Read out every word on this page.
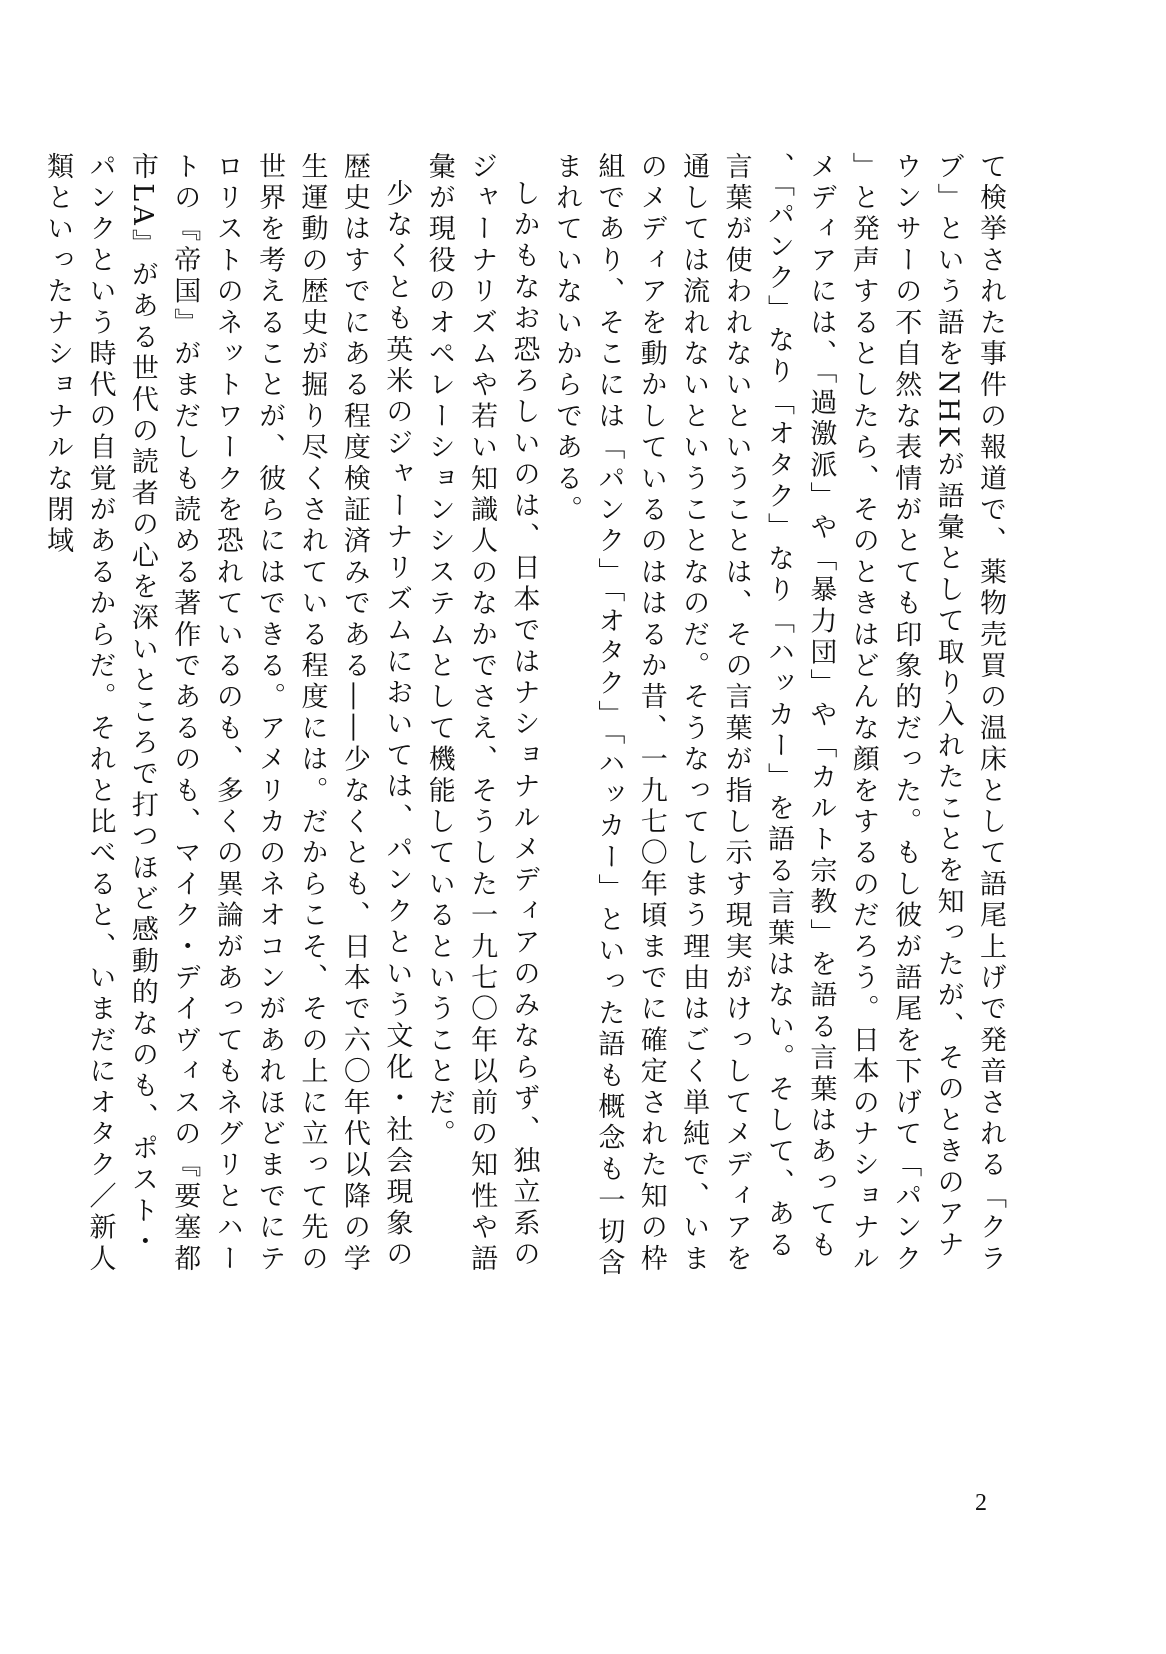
て検挙された事件の報道で、薬物売買の温床として語尾上げで発音される「クラブ」という語をNHKが語彙として取り入れたことを知ったが、そのときのアナウンサーの不自然な表情がとても印象的だった。もし彼が語尾を下げて「パンク」と発声するとしたら、そのときはどんな顔をするのだろう。日本のナショナルメディアには、「過激派」や「暴力団」や「カルト宗教」を語る言葉はあっても、「パンク」なり「オタク」なり「ハッカー」を語る言葉はない。そして、ある言葉が使われないということは、その言葉が指し示す現実がけっしてメディアを通しては流れないということなのだ。そうなってしまう理由はごく単純で、いまのメディアを動かしているのははるか昔、一九七〇年頃までに確定された知の枠組であり、そこには「パンク」「オタク」「ハッカー」といった語も概念も一切含まれていないからである。

しかもなお恐ろしいのは、日本ではナショナルメディアのみならず、独立系のジャーナリズムや若い知識人のなかでさえ、そうした一九七〇年以前の知性や語彙が現役のオペレーションシステムとして機能しているということだ。

少なくとも英米のジャーナリズムにおいては、パンクという文化・社会現象の歴史はすでにある程度検証済みである――少なくとも、日本で六〇年代以降の学生運動の歴史が掘り尽くされている程度には。だからこそ、その上に立って先の世界を考えることが、彼らにはできる。アメリカのネオコンがあれほどまでにテロリストのネットワークを恐れているのも、多くの異論があってもネグリとハートの『帝国』がまだしも読める著作であるのも、マイク・デイヴィスの『要塞都市LA』がある世代の読者の心を深いところで打つほど感動的なのも、ポスト・パンクという時代の自覚があるからだ。それと比べると、いまだにオタク／新人類といったナショナルな閉域

2
